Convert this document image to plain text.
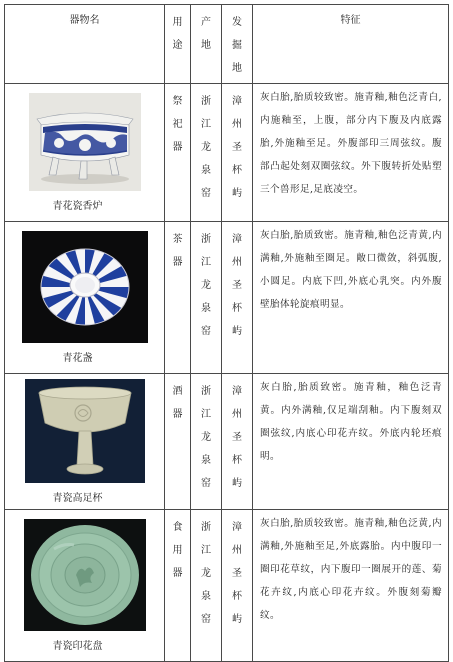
器物名	用途	产地	发掘地	特征

青花瓷香炉	祭祀器	浙江龙泉窑	漳州圣杯屿	灰白胎,胎质较致密。施青釉,釉色泛青白,内施釉至，上腹，部分内下腹及内底露胎,外施釉至足。外腹部印三周弦纹。腹部凸起处刻双圈弦纹。外下腹转折处贴塑三个兽形足,足底凌空。

青花盏	茶器	浙江龙泉窑	漳州圣杯屿	灰白胎,胎质致密。施青釉,釉色泛青黄,内满釉,外施釉至圈足。敞口微敛，斜弧腹,小圆足。内底下凹,外底心乳突。内外腹壁胎体轮旋痕明显。

青瓷高足杯	酒器	浙江龙泉窑	漳州圣杯屿	灰白胎,胎质致密。施青釉，釉色泛青黄。内外满釉,仅足端刮釉。内下腹刻双圈弦纹,内底心印花卉纹。外底内轮坯痕明。

青瓷印花盘	食用器	浙江龙泉窑	漳州圣杯屿	灰白胎,胎质较致密。施青釉,釉色泛黄,内满釉,外施釉至足,外底露胎。内中腹印一圈印花草纹，内下腹印一圈展开的莲、菊花卉纹,内底心印花卉纹。外腹刻菊瓣纹。
